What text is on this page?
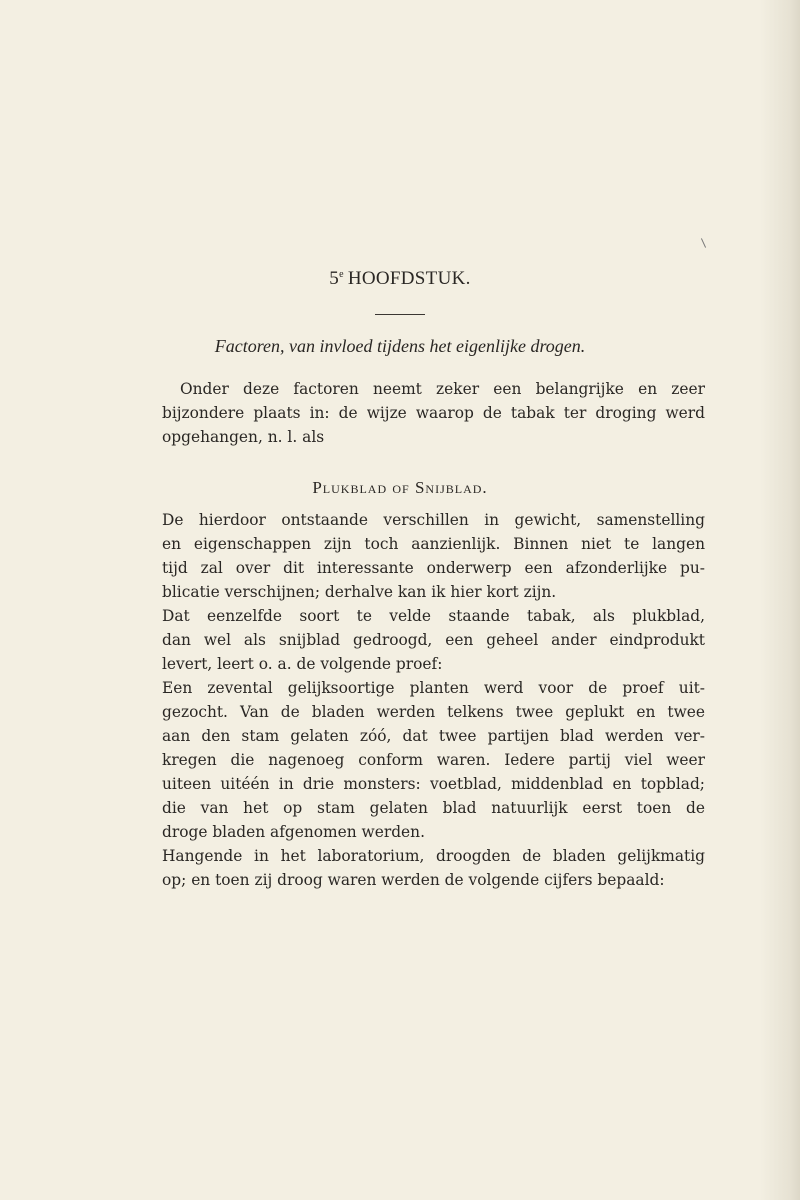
5e HOOFDSTUK.
Factoren, van invloed tijdens het eigenlijke drogen.

Onder deze factoren neemt zeker een belangrijke en zeer
bijzondere plaats in: de wijze waarop de tabak ter droging werd
opgehangen, n. l. als

Plukblad of Snijblad.

De hierdoor ontstaande verschillen in gewicht, samenstelling
en eigenschappen zijn toch aanzienlijk. Binnen niet te langen
tijd zal over dit interessante onderwerp een afzonderlijke pu-
blicatie verschijnen; derhalve kan ik hier kort zijn.

Dat eenzelfde soort te velde staande tabak, als plukblad,
dan wel als snijblad gedroogd, een geheel ander eindprodukt
levert, leert o. a. de volgende proef:

Een zevental gelijksoortige planten werd voor de proef uit-
gezocht. Van de bladen werden telkens twee geplukt en twee
aan den stam gelaten zóó, dat twee partijen blad werden ver-
kregen die nagenoeg conform waren. Iedere partij viel weer
uiteen uitéén in drie monsters: voetblad, middenblad en topblad;
die van het op stam gelaten blad natuurlijk eerst toen de
droge bladen afgenomen werden.

Hangende in het laboratorium, droogden de bladen gelijkmatig
op; en toen zij droog waren werden de volgende cijfers bepaald:
